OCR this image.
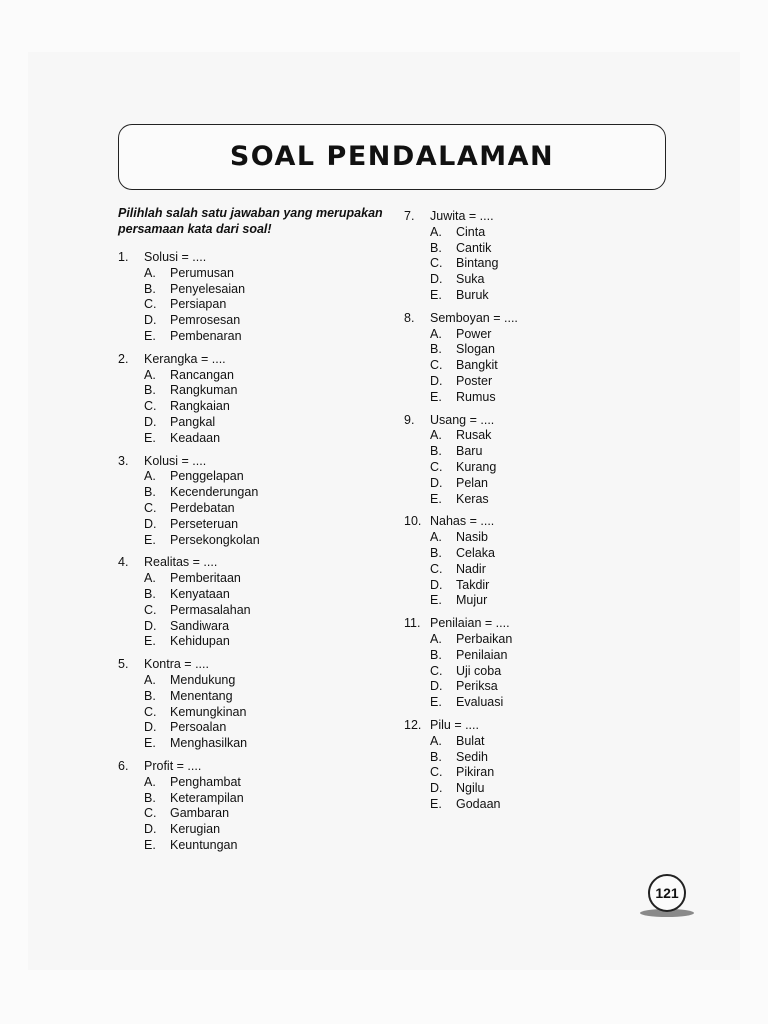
SOAL PENDALAMAN
Pilihlah salah satu jawaban yang merupakan persamaan kata dari soal!
1.	Solusi = ....
A.	Perumusan
B.	Penyelesaian
C.	Persiapan
D.	Pemrosesan
E.	Pembenaran
2.	Kerangka = ....
A.	Rancangan
B.	Rangkuman
C.	Rangkaian
D.	Pangkal
E.	Keadaan
3.	Kolusi = ....
A.	Penggelapan
B.	Kecenderungan
C.	Perdebatan
D.	Perseteruan
E.	Persekongkolan
4.	Realitas = ....
A.	Pemberitaan
B.	Kenyataan
C.	Permasalahan
D.	Sandiwara
E.	Kehidupan
5.	Kontra = ....
A.	Mendukung
B.	Menentang
C.	Kemungkinan
D.	Persoalan
E.	Menghasilkan
6.	Profit = ....
A.	Penghambat
B.	Keterampilan
C.	Gambaran
D.	Kerugian
E.	Keuntungan
7.	Juwita = ....
A.	Cinta
B.	Cantik
C.	Bintang
D.	Suka
E.	Buruk
8.	Semboyan = ....
A.	Power
B.	Slogan
C.	Bangkit
D.	Poster
E.	Rumus
9.	Usang = ....
A.	Rusak
B.	Baru
C.	Kurang
D.	Pelan
E.	Keras
10. Nahas = ....
A.	Nasib
B.	Celaka
C.	Nadir
D.	Takdir
E.	Mujur
11. Penilaian = ....
A.	Perbaikan
B.	Penilaian
C.	Uji coba
D.	Periksa
E.	Evaluasi
12. Pilu = ....
A.	Bulat
B.	Sedih
C.	Pikiran
D.	Ngilu
E.	Godaan
121
